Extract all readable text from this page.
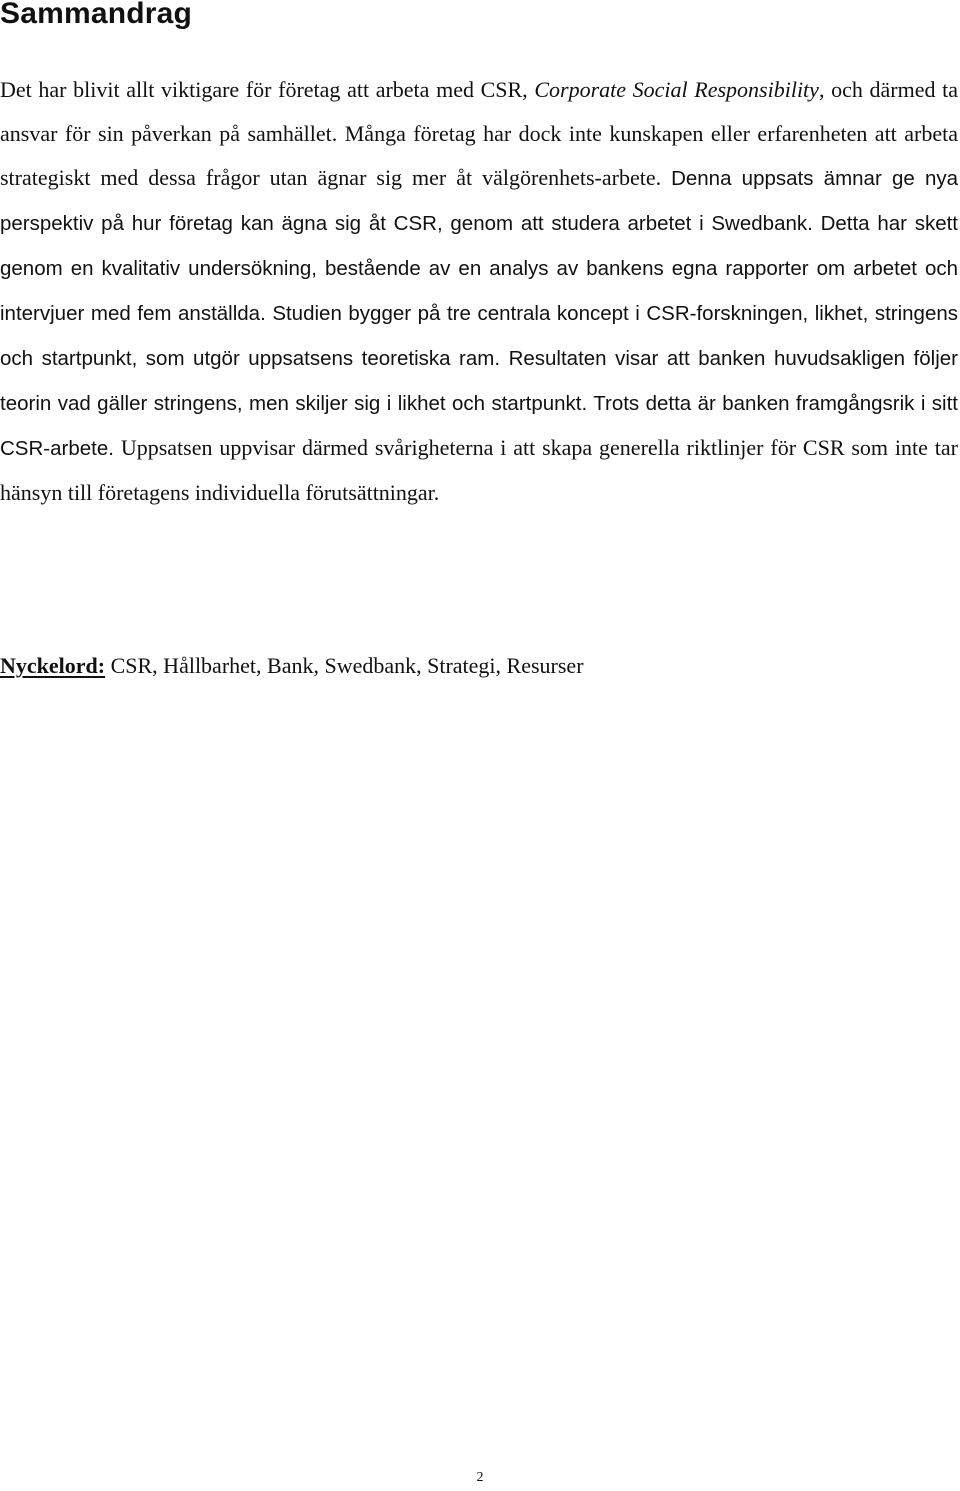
Sammandrag

Det har blivit allt viktigare för företag att arbeta med CSR, Corporate Social Responsibility, och därmed ta ansvar för sin påverkan på samhället. Många företag har dock inte kunskapen eller erfarenheten att arbeta strategiskt med dessa frågor utan ägnar sig mer åt välgörenhets-arbete. Denna uppsats ämnar ge nya perspektiv på hur företag kan ägna sig åt CSR, genom att studera arbetet i Swedbank. Detta har skett genom en kvalitativ undersökning, bestående av en analys av bankens egna rapporter om arbetet och intervjuer med fem anställda. Studien bygger på tre centrala koncept i CSR-forskningen, likhet, stringens och startpunkt, som utgör uppsatsens teoretiska ram. Resultaten visar att banken huvudsakligen följer teorin vad gäller stringens, men skiljer sig i likhet och startpunkt. Trots detta är banken framgångsrik i sitt CSR-arbete. Uppsatsen uppvisar därmed svårigheterna i att skapa generella riktlinjer för CSR som inte tar hänsyn till företagens individuella förutsättningar.

Nyckelord: CSR, Hållbarhet, Bank, Swedbank, Strategi, Resurser

2
